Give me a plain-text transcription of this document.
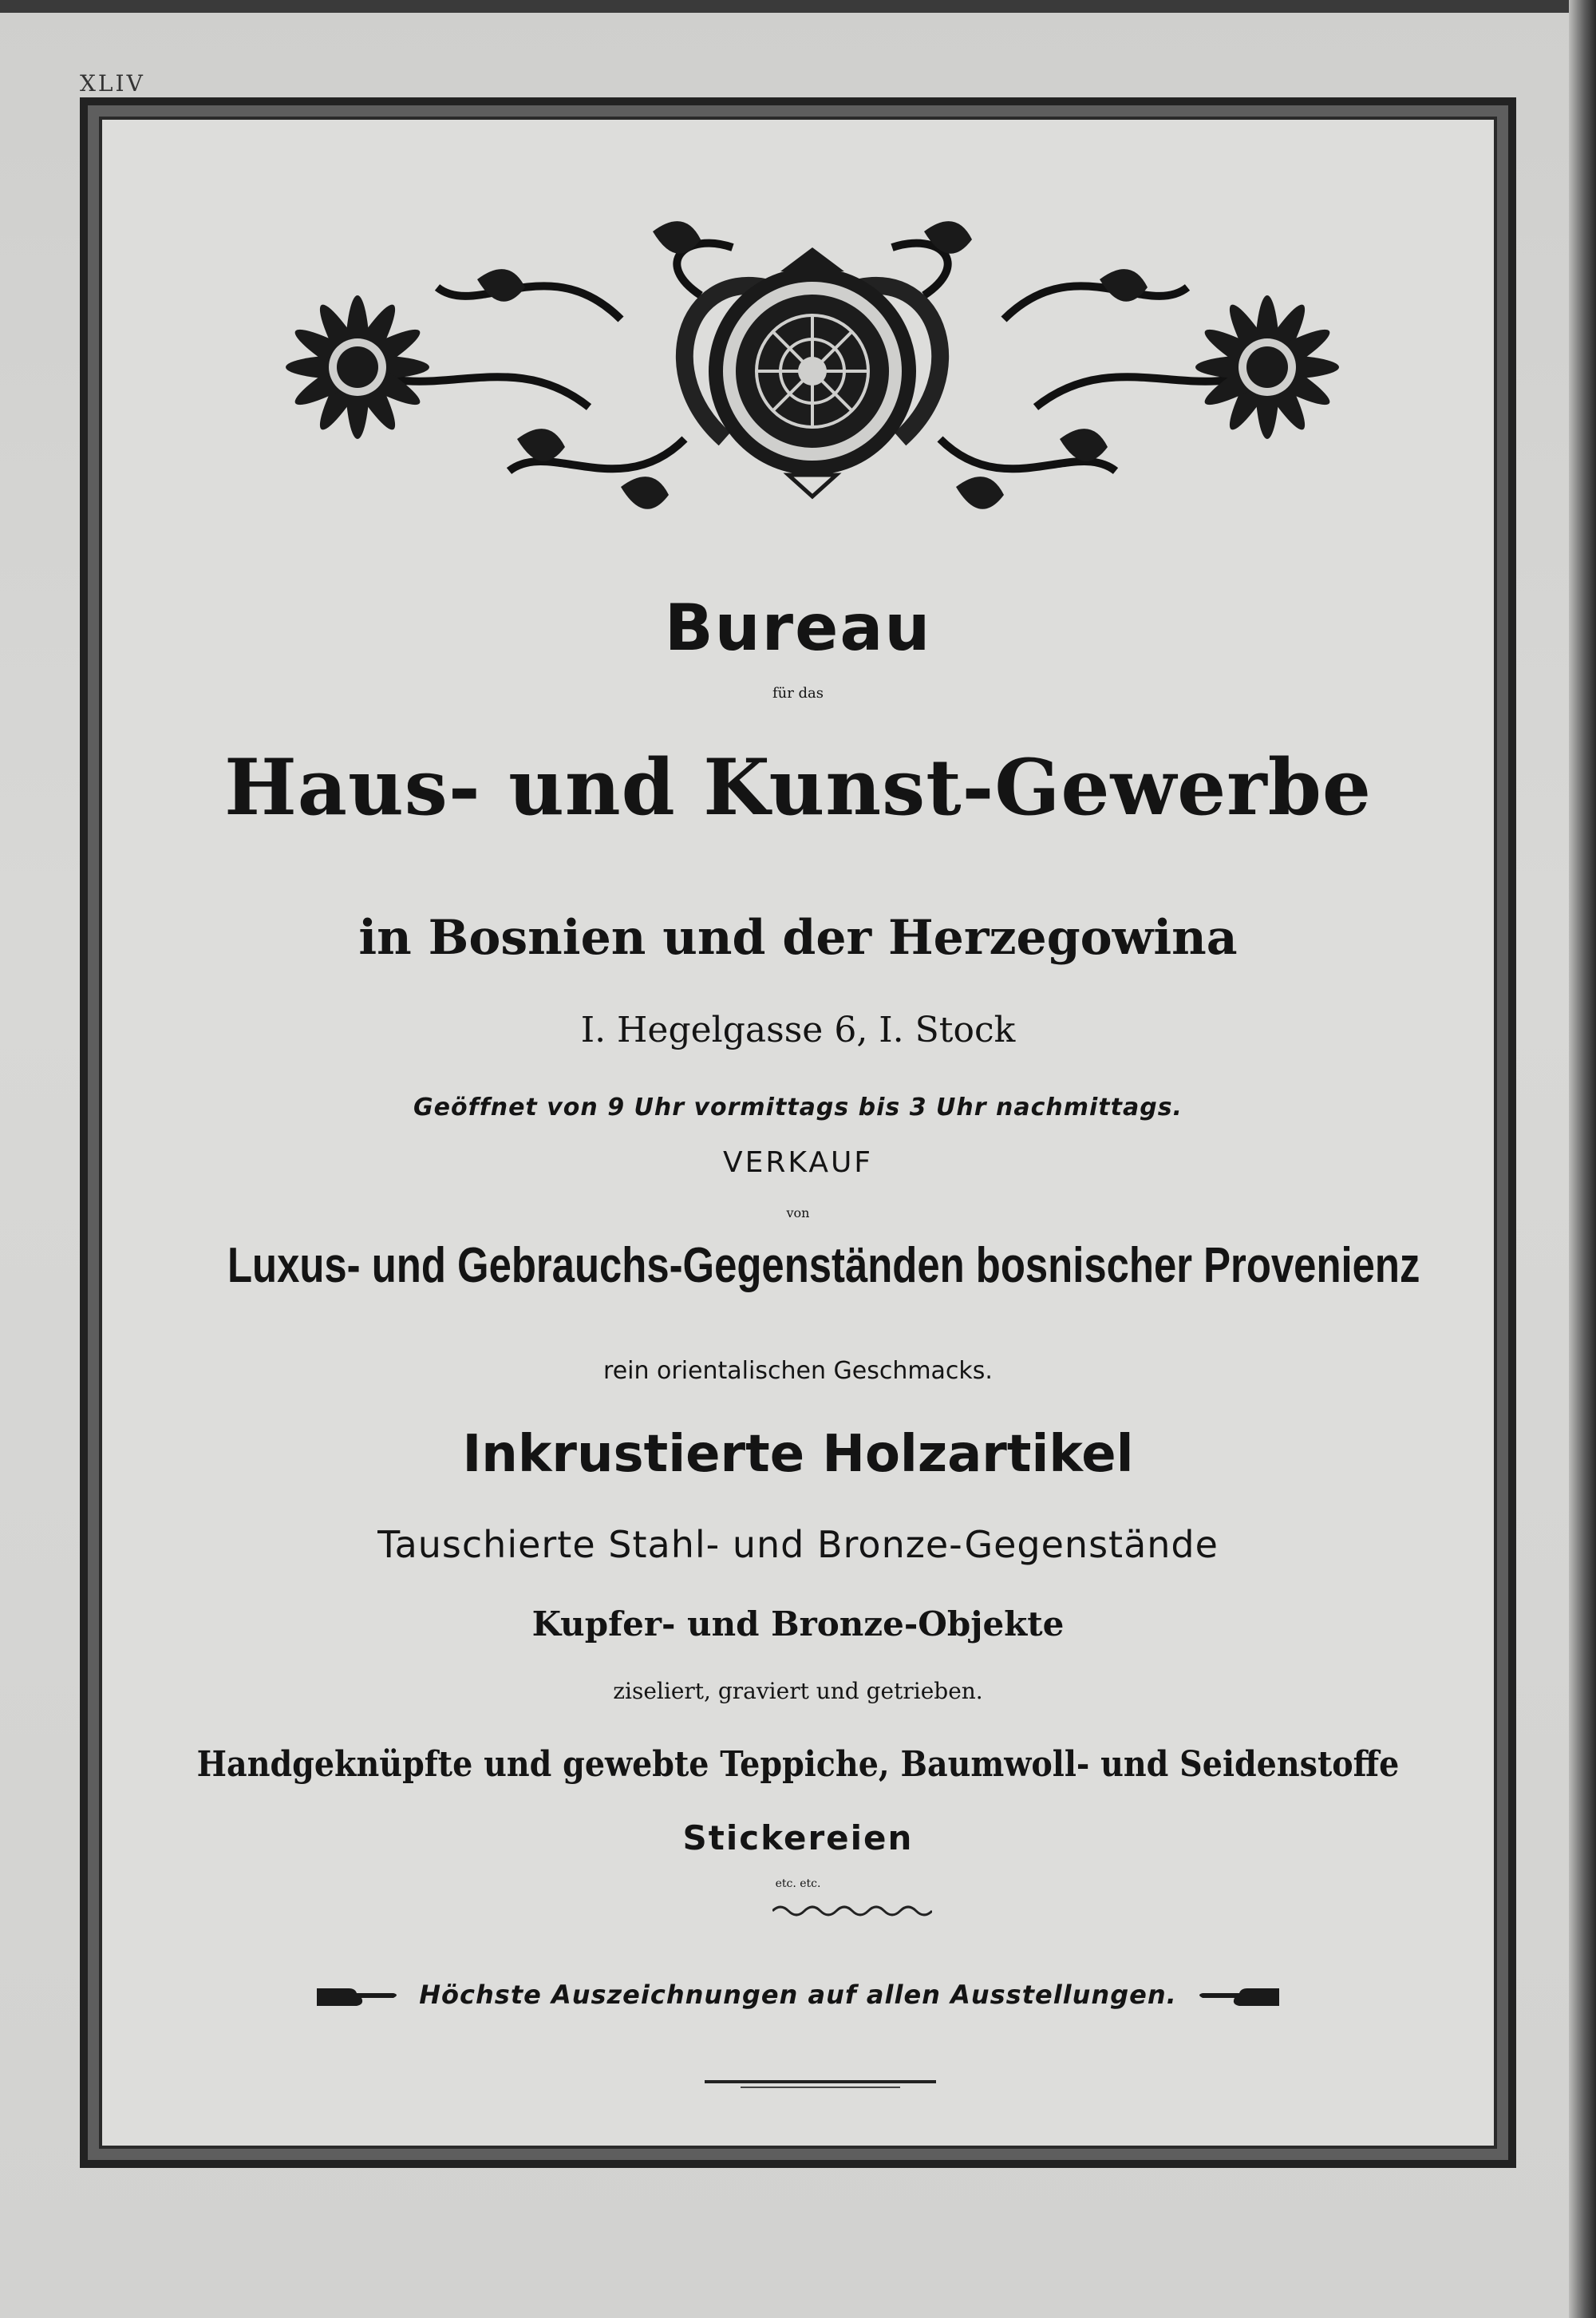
XLIV
Bureau
für das
Haus- und Kunst-Gewerbe
in Bosnien und der Herzegowina
I. Hegelgasse 6, I. Stock
Geöffnet von 9 Uhr vormittags bis 3 Uhr nachmittags.
VERKAUF
von
Luxus- und Gebrauchs-Gegenständen bosnischer Provenienz
rein orientalischen Geschmacks.
Inkrustierte Holzartikel
Tauschierte Stahl- und Bronze-Gegenstände
Kupfer- und Bronze-Objekte
ziseliert, graviert und getrieben.
Handgeknüpfte und gewebte Teppiche, Baumwoll- und Seidenstoffe
Stickereien
etc. etc.
Höchste Auszeichnungen auf allen Ausstellungen.
